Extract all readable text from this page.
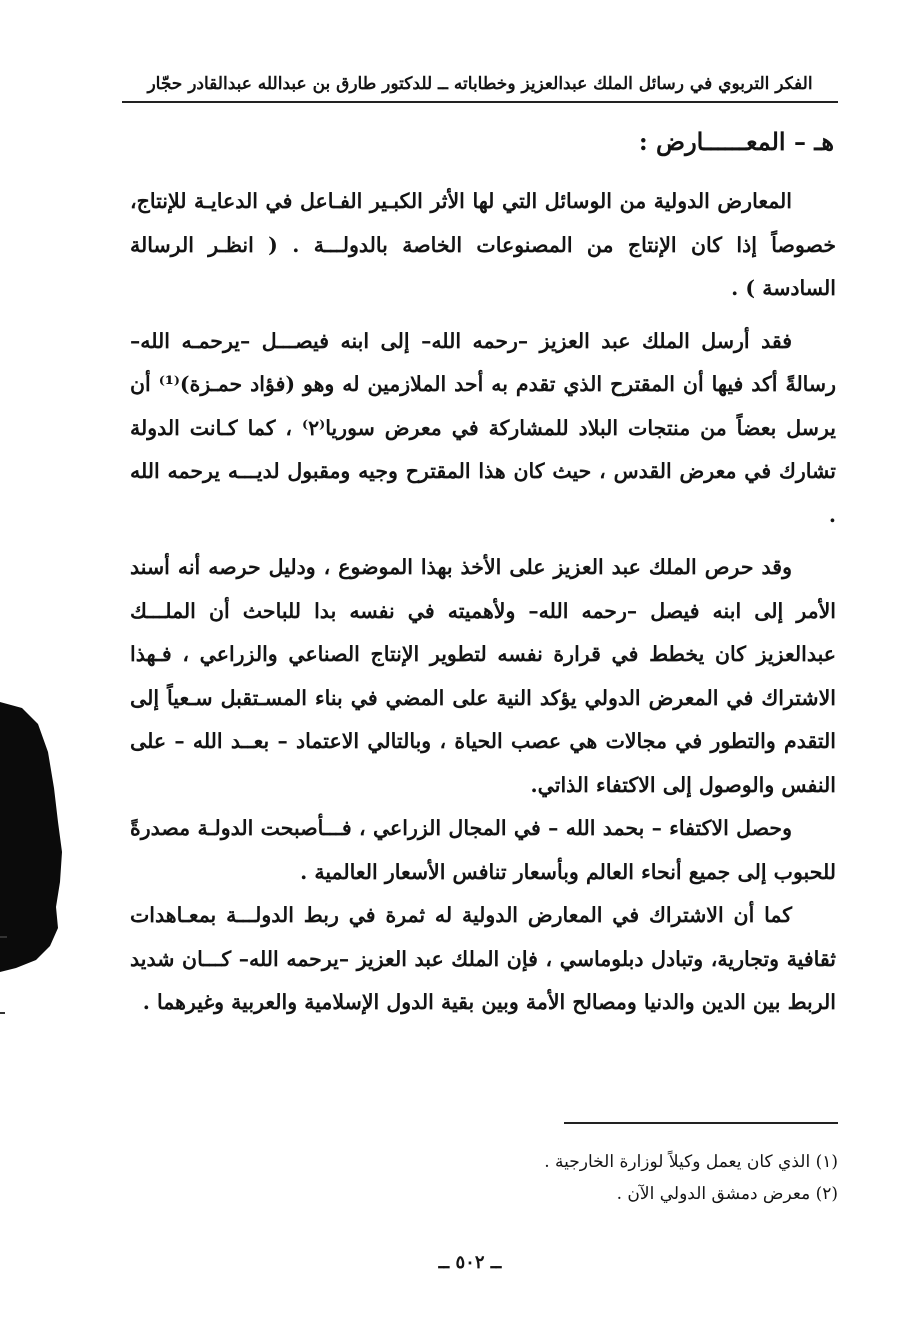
الفكر التربوي في رسائل الملك عبدالعزيز وخطاباته ــ للدكتور طارق بن عبدالله عبدالقادر حجّار
هـ – المعــــــارض :

المعارض الدولية من الوسائل التي لها الأثر الكبـير الفـاعل في الدعايـة للإنتاج، خصوصاً إذا كان الإنتاج من المصنوعات الخاصة بالدولـــة . ( انظـر الرسالة السادسة ) .

فقد أرسل الملك عبد العزيز –رحمه الله– إلى ابنه فيصـــل –يرحمـه الله– رسالةً أكد فيها أن المقترح الذي تقدم به أحد الملازمين له وهو (فؤاد حمـزة)⁽¹⁾ أن يرسل بعضاً من منتجات البلاد للمشاركة في معرض سوريا⁽٢⁾ ، كما كـانت الدولة تشارك في معرض القدس ، حيث كان هذا المقترح وجيه ومقبول لديـــه يرحمه الله .

وقد حرص الملك عبد العزيز على الأخذ بهذا الموضوع ، ودليل حرصه أنه أسند الأمر إلى ابنه فيصل –رحمه الله– ولأهميته في نفسه بدا للباحث أن الملـــك عبدالعزيز كان يخطط في قرارة نفسه لتطوير الإنتاج الصناعي والزراعي ، فـهذا الاشتراك في المعرض الدولي يؤكد النية على المضي في بناء المسـتقبل سـعياً إلى التقدم والتطور في مجالات هي عصب الحياة ، وبالتالي الاعتماد – بعــد الله – على النفس والوصول إلى الاكتفاء الذاتي.

وحصل الاكتفاء – بحمد الله – في المجال الزراعي ، فـــأصبحت الدولـة مصدرةً للحبوب إلى جميع أنحاء العالم وبأسعار تنافس الأسعار العالمية .

كما أن الاشتراك في المعارض الدولية له ثمرة في ربط الدولـــة بمعـاهدات ثقافية وتجارية، وتبادل دبلوماسي ، فإن الملك عبد العزيز –يرحمه الله– كـــان شديد الربط بين الدين والدنيا ومصالح الأمة وبين بقية الدول الإسلامية والعربية وغيرهما .

(١) الذي كان يعمل وكيلاً لوزارة الخارجية .
(٢) معرض دمشق الدولي الآن .
ــ ٥٠٢ ــ
